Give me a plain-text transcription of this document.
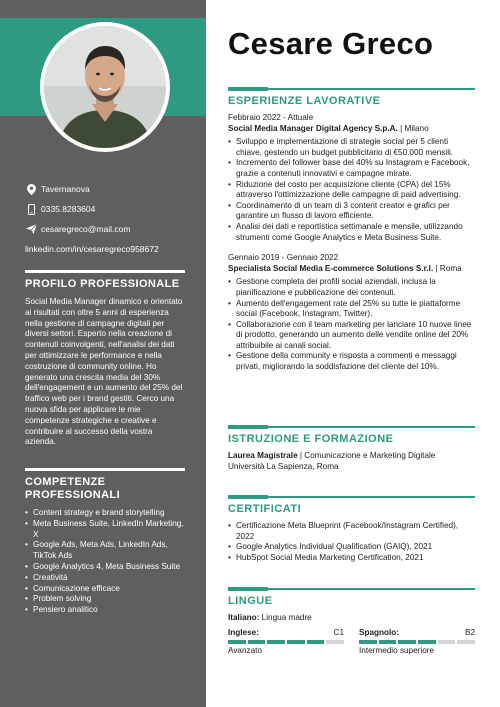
Tavernanova
0335.8283604
cesaregreco@mail.com
linkedin.com/in/cesaregreco958672
PROFILO PROFESSIONALE
Social Media Manager dinamico e orientato ai risultati con oltre 5 anni di esperienza nella gestione di campagne digitali per diversi settori. Esperto nella creazione di contenuti coinvolgenti, nell'analisi dei dati per ottimizzare le performance e nella costruzione di community online. Ho generato una crescita media del 30% dell'engagement e un aumento del 25% del traffico web per i brand gestiti. Cerco una nuova sfida per applicare le mie competenze strategiche e creative e contribuire al successo della vostra azienda.
COMPETENZE PROFESSIONALI
• Content strategy e brand storytelling
• Meta Business Suite, LinkedIn Marketing, X
• Google Ads, Meta Ads, LinkedIn Ads, TikTok Ads
• Google Analytics 4, Meta Business Suite
• Creatività
• Comunicazione efficace
• Problem solving
• Pensiero analitico
Cesare Greco
ESPERIENZE LAVORATIVE
Febbraio 2022 - Attuale
Social Media Manager Digital Agency S.p.A. | Milano
• Sviluppo e implementazione di strategie social per 5 clienti chiave, gestendo un budget pubblicitario di €50.000 mensili.
• Incremento del follower base del 40% su Instagram e Facebook, grazie a contenuti innovativi e campagne mirate.
• Riduzione del costo per acquisizione cliente (CPA) del 15% attraverso l'ottimizzazione delle campagne di paid advertising.
• Coordinamento di un team di 3 content creator e grafici per garantire un flusso di lavoro efficiente.
• Analisi dei dati e reportistica settimanale e mensile, utilizzando strumenti come Google Analytics e Meta Business Suite.
Gennaio 2019 - Gennaio 2022
Specialista Social Media E-commerce Solutions S.r.l. | Roma
• Gestione completa dei profili social aziendali, inclusa la pianificazione e pubblicazione dei contenuti.
• Aumento dell'engagement rate del 25% su tutte le piattaforme social (Facebook, Instagram, Twitter).
• Collaborazione con il team marketing per lanciare 10 nuove linee di prodotto, generando un aumento delle vendite online del 20% attribuibile ai canali social.
• Gestione della community e risposta a commenti e messaggi privati, migliorando la soddisfazione del cliente del 10%.
ISTRUZIONE E FORMAZIONE
Laurea Magistrale | Comunicazione e Marketing Digitale
Università La Sapienza, Roma
CERTIFICATI
• Certificazione Meta Blueprint (Facebook/Instagram Certified), 2022
• Google Analytics Individual Qualification (GAIQ), 2021
• HubSpot Social Media Marketing Certification, 2021
LINGUE
Italiano: Lingua madre
Inglese:	C1
Avanzato
Spagnolo:	B2
Intermedio superiore
